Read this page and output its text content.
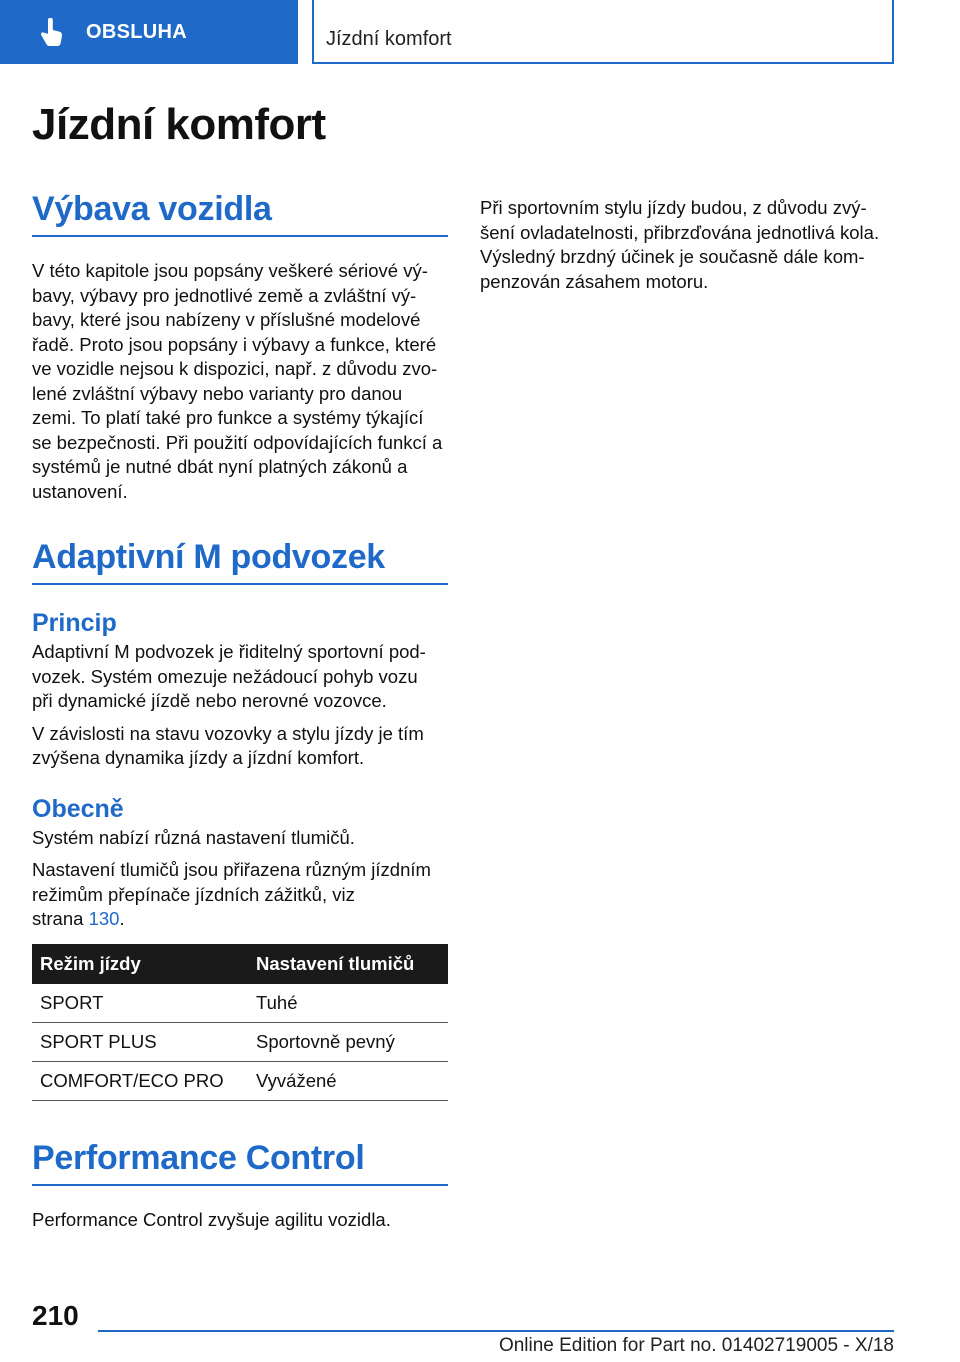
OBSLUHA	Jízdní komfort
Jízdní komfort
Výbava vozidla

V této kapitole jsou popsány veškeré sériové vý-
bavy, výbavy pro jednotlivé země a zvláštní vý-
bavy, které jsou nabízeny v příslušné modelové
řadě. Proto jsou popsány i výbavy a funkce, které
ve vozidle nejsou k dispozici, např. z důvodu zvo-
lené zvláštní výbavy nebo varianty pro danou
zemi. To platí také pro funkce a systémy týkající
se bezpečnosti. Při použití odpovídajících funkcí a
systémů je nutné dbát nyní platných zákonů a
ustanovení.

Adaptivní M podvozek
Princip

Adaptivní M podvozek je řiditelný sportovní pod-
vozek. Systém omezuje nežádoucí pohyb vozu
při dynamické jízdě nebo nerovné vozovce.

V závislosti na stavu vozovky a stylu jízdy je tím
zvýšena dynamika jízdy a jízdní komfort.

Obecně

Systém nabízí různá nastavení tlumičů.

Nastavení tlumičů jsou přiřazena různým jízdním
režimům přepínače jízdních zážitků, viz
strana 130.

Režim jízdy	Nastavení tlumičů
SPORT	Tuhé
SPORT PLUS	Sportovně pevný
COMFORT/ECO PRO	Vyvážené
Performance Control

Performance Control zvyšuje agilitu vozidla.

Při sportovním stylu jízdy budou, z důvodu zvý-
šení ovladatelnosti, přibrzďována jednotlivá kola.
Výsledný brzdný účinek je současně dále kom-
penzován zásahem motoru.

210
Online Edition for Part no. 01402719005 - X/18
